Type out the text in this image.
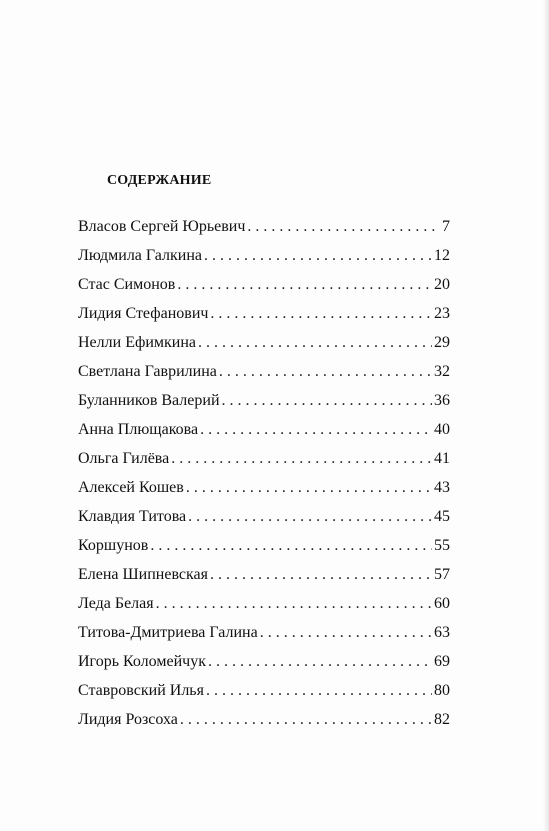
СОДЕРЖАНИЕ
Власов Сергей Юрьевич . . .	7
Людмила Галкина . . .	12
Стас Симонов . . .	20
Лидия Стефанович . . .	23
Нелли Ефимкина . . .	29
Светлана Гаврилина . . .	32
Буланников Валерий . . .	36
Анна Плющакова . . .	40
Ольга Гилёва . . .	41
Алексей Кошев . . .	43
Клавдия Титова . . .	45
Коршунов . . .	55
Елена Шипневская . . .	57
Леда Белая . . .	60
Титова-Дмитриева Галина . . .	63
Игорь Коломейчук . . .	69
Ставровский Илья . . .	80
Лидия Розсоха . . .	82
